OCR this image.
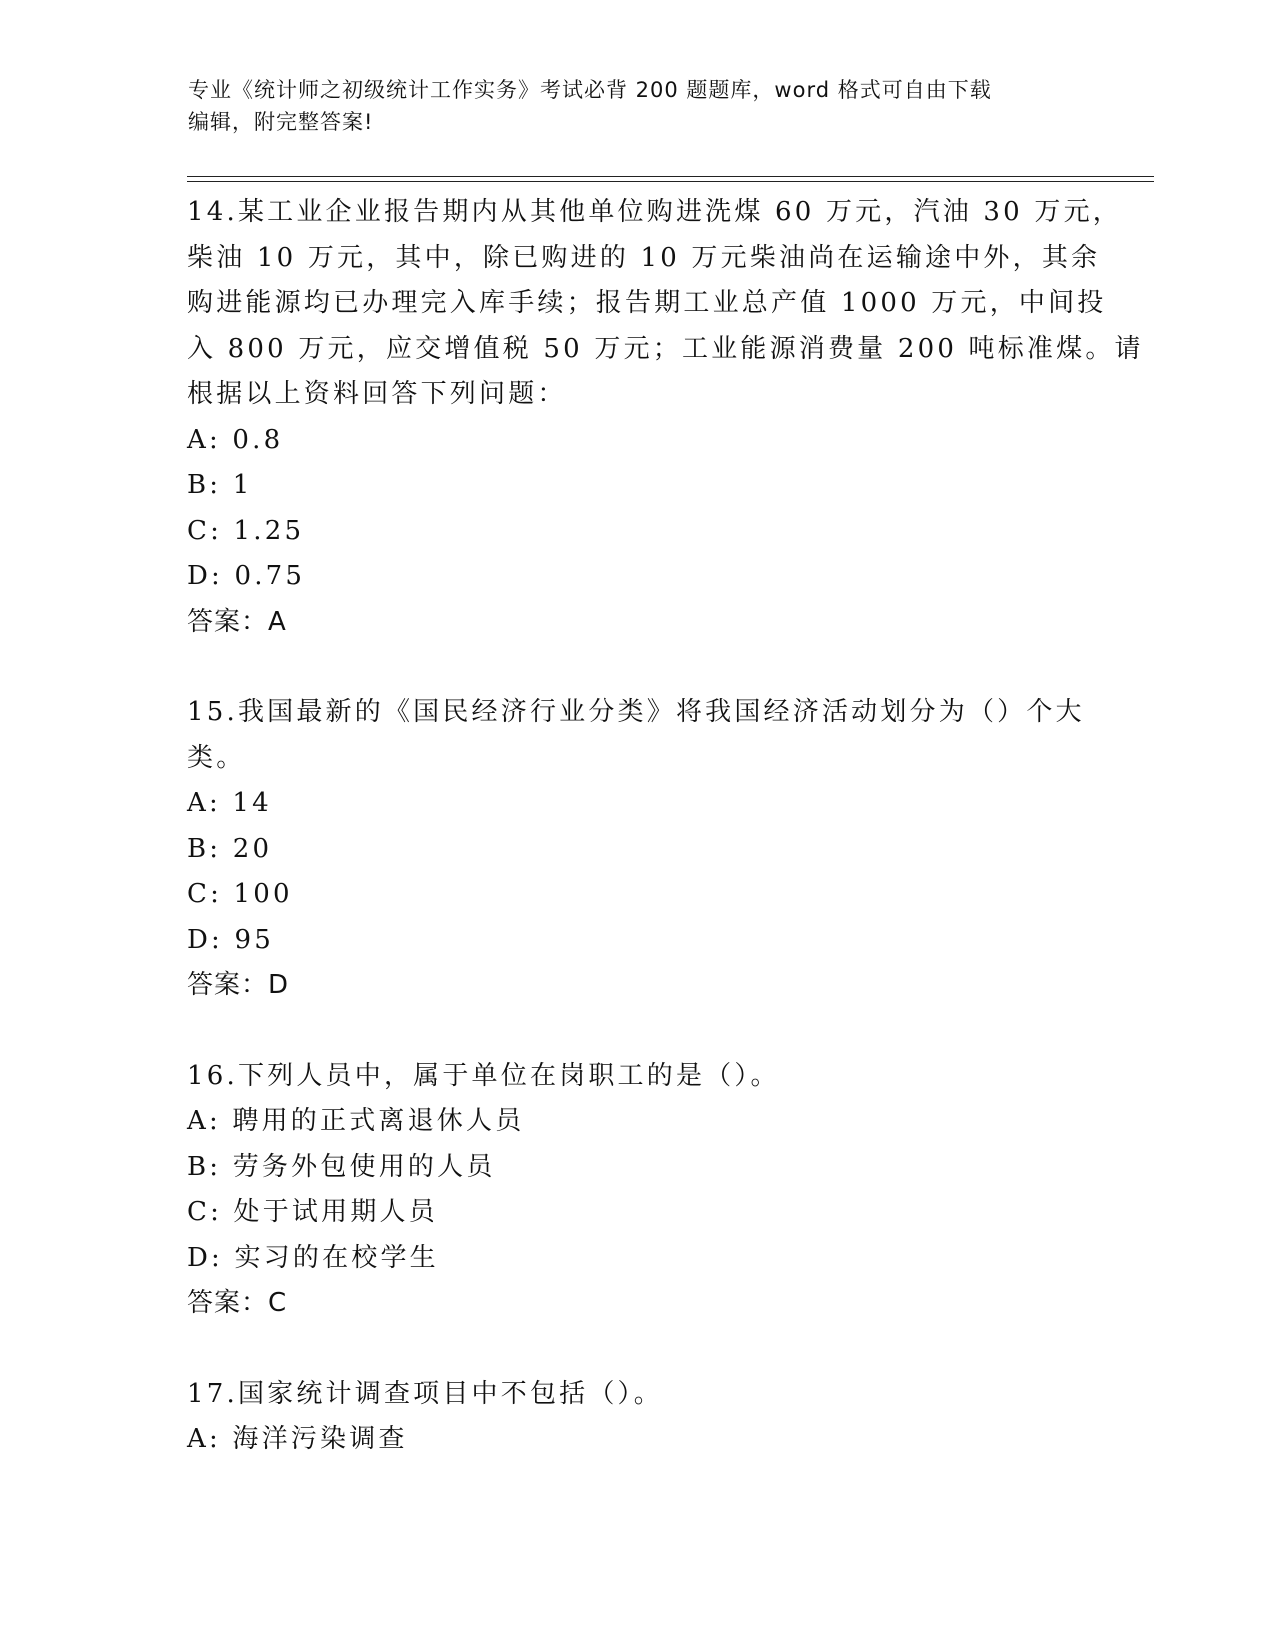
专业《统计师之初级统计工作实务》考试必背 200 题题库，word 格式可自由下载
编辑，附完整答案!
14.某工业企业报告期内从其他单位购进洗煤 60 万元，汽油 30 万元，
柴油 10 万元，其中，除已购进的 10 万元柴油尚在运输途中外，其余
购进能源均已办理完入库手续；报告期工业总产值 1000 万元，中间投
入 800 万元，应交增值税 50 万元；工业能源消费量 200 吨标准煤。请
根据以上资料回答下列问题：
A: 0.8
B: 1
C: 1.25
D: 0.75
答案：A
15.我国最新的《国民经济行业分类》将我国经济活动划分为（）个大
类。
A: 14
B: 20
C: 100
D: 95
答案：D
16.下列人员中，属于单位在岗职工的是（）。
A: 聘用的正式离退休人员
B: 劳务外包使用的人员
C: 处于试用期人员
D: 实习的在校学生
答案：C
17.国家统计调查项目中不包括（）。
A: 海洋污染调查
